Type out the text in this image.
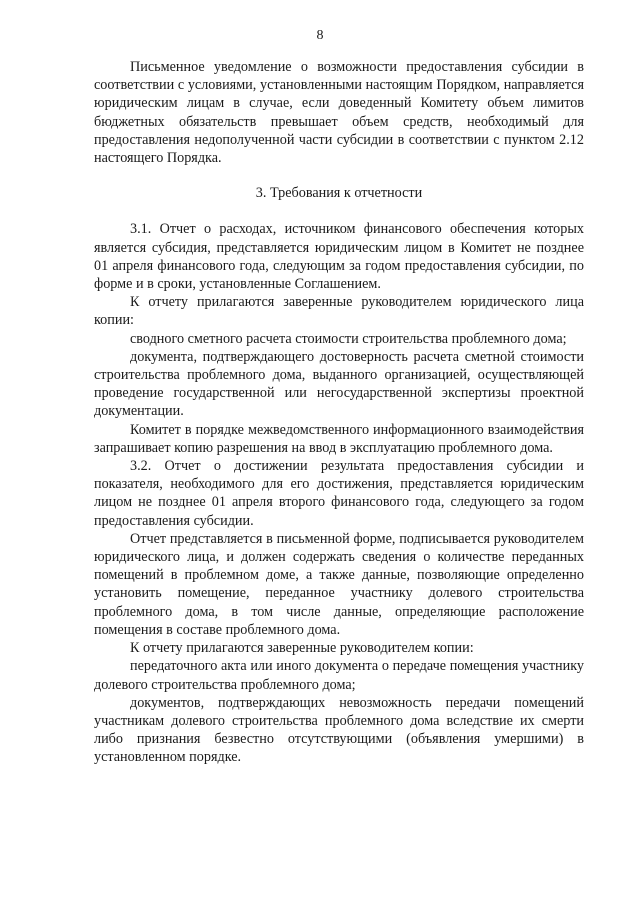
8

Письменное уведомление о возможности предоставления субсидии в соответствии с условиями, установленными настоящим Порядком, направляется юридическим лицам в случае, если доведенный Комитету объем лимитов бюджетных обязательств превышает объем средств, необходимый для предоставления недополученной части субсидии в соответствии с пунктом 2.12 настоящего Порядка.

3. Требования к отчетности

3.1. Отчет о расходах, источником финансового обеспечения которых является субсидия, представляется юридическим лицом в Комитет не позднее 01 апреля финансового года, следующим за годом предоставления субсидии, по форме и в сроки, установленные Соглашением.

К отчету прилагаются заверенные руководителем юридического лица копии:

сводного сметного расчета стоимости строительства проблемного дома;

документа, подтверждающего достоверность расчета сметной стоимости строительства проблемного дома, выданного организацией, осуществляющей проведение государственной или негосударственной экспертизы проектной документации.

Комитет в порядке межведомственного информационного взаимодействия запрашивает копию разрешения на ввод в эксплуатацию проблемного дома.

3.2. Отчет о достижении результата предоставления субсидии и показателя, необходимого для его достижения, представляется юридическим лицом не позднее 01 апреля второго финансового года, следующего за годом предоставления субсидии.

Отчет представляется в письменной форме, подписывается руководителем юридического лица, и должен содержать сведения о количестве переданных помещений в проблемном доме, а также данные, позволяющие определенно установить помещение, переданное участнику долевого строительства проблемного дома, в том числе данные, определяющие расположение помещения в составе проблемного дома.

К отчету прилагаются заверенные руководителем копии:

передаточного акта или иного документа о передаче помещения участнику долевого строительства проблемного дома;

документов, подтверждающих невозможность передачи помещений участникам долевого строительства проблемного дома вследствие их смерти либо признания безвестно отсутствующими (объявления умершими) в установленном порядке.
